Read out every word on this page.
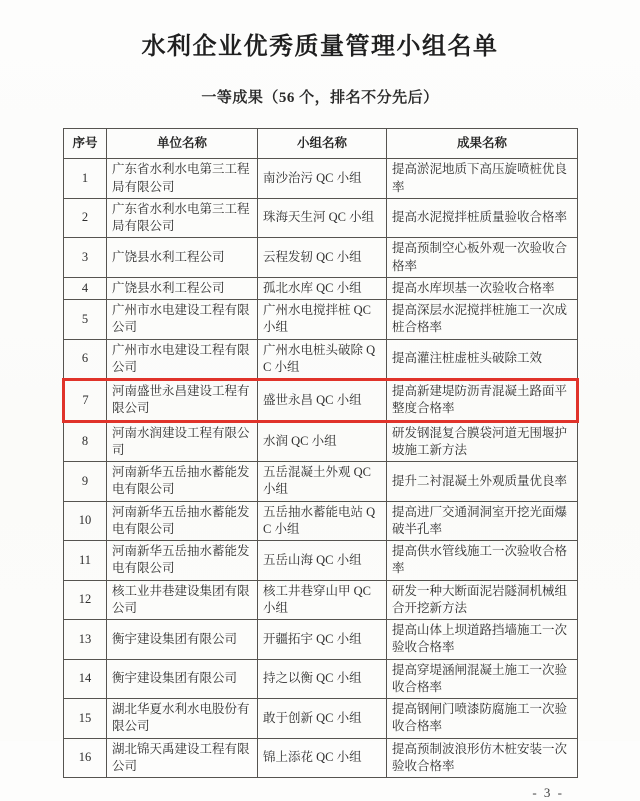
水利企业优秀质量管理小组名单
一等成果（56 个，排名不分先后）
序号	单位名称	小组名称	成果名称
1	广东省水利水电第三工程局有限公司	南沙治污 QC 小组	提高淤泥地质下高压旋喷桩优良率
2	广东省水利水电第三工程局有限公司	珠海天生河 QC 小组	提高水泥搅拌桩质量验收合格率
3	广饶县水利工程公司	云程发轫 QC 小组	提高预制空心板外观一次验收合格率
4	广饶县水利工程公司	孤北水库 QC 小组	提高水库坝基一次验收合格率
5	广州市水电建设工程有限公司	广州水电搅拌桩 QC 小组	提高深层水泥搅拌桩施工一次成桩合格率
6	广州市水电建设工程有限公司	广州水电桩头破除 QC 小组	提高灌注桩虚桩头破除工效
7	河南盛世永昌建设工程有限公司	盛世永昌 QC 小组	提高新建堤防沥青混凝土路面平整度合格率
8	河南水润建设工程有限公司	水润 QC 小组	研发钢混复合膜袋河道无围堰护坡施工新方法
9	河南新华五岳抽水蓄能发电有限公司	五岳混凝土外观 QC 小组	提升二衬混凝土外观质量优良率
10	河南新华五岳抽水蓄能发电有限公司	五岳抽水蓄能电站 QC 小组	提高进厂交通洞洞室开挖光面爆破半孔率
11	河南新华五岳抽水蓄能发电有限公司	五岳山海 QC 小组	提高供水管线施工一次验收合格率
12	核工业井巷建设集团有限公司	核工井巷穿山甲 QC 小组	研发一种大断面泥岩隧洞机械组合开挖新方法
13	衡宇建设集团有限公司	开疆拓宇 QC 小组	提高山体上坝道路挡墙施工一次验收合格率
14	衡宇建设集团有限公司	持之以衡 QC 小组	提高穿堤涵闸混凝土施工一次验收合格率
15	湖北华夏水利水电股份有限公司	敢于创新 QC 小组	提高钢闸门喷漆防腐施工一次验收合格率
16	湖北锦天禹建设工程有限公司	锦上添花 QC 小组	提高预制波浪形仿木桩安装一次验收合格率
- 3 -
